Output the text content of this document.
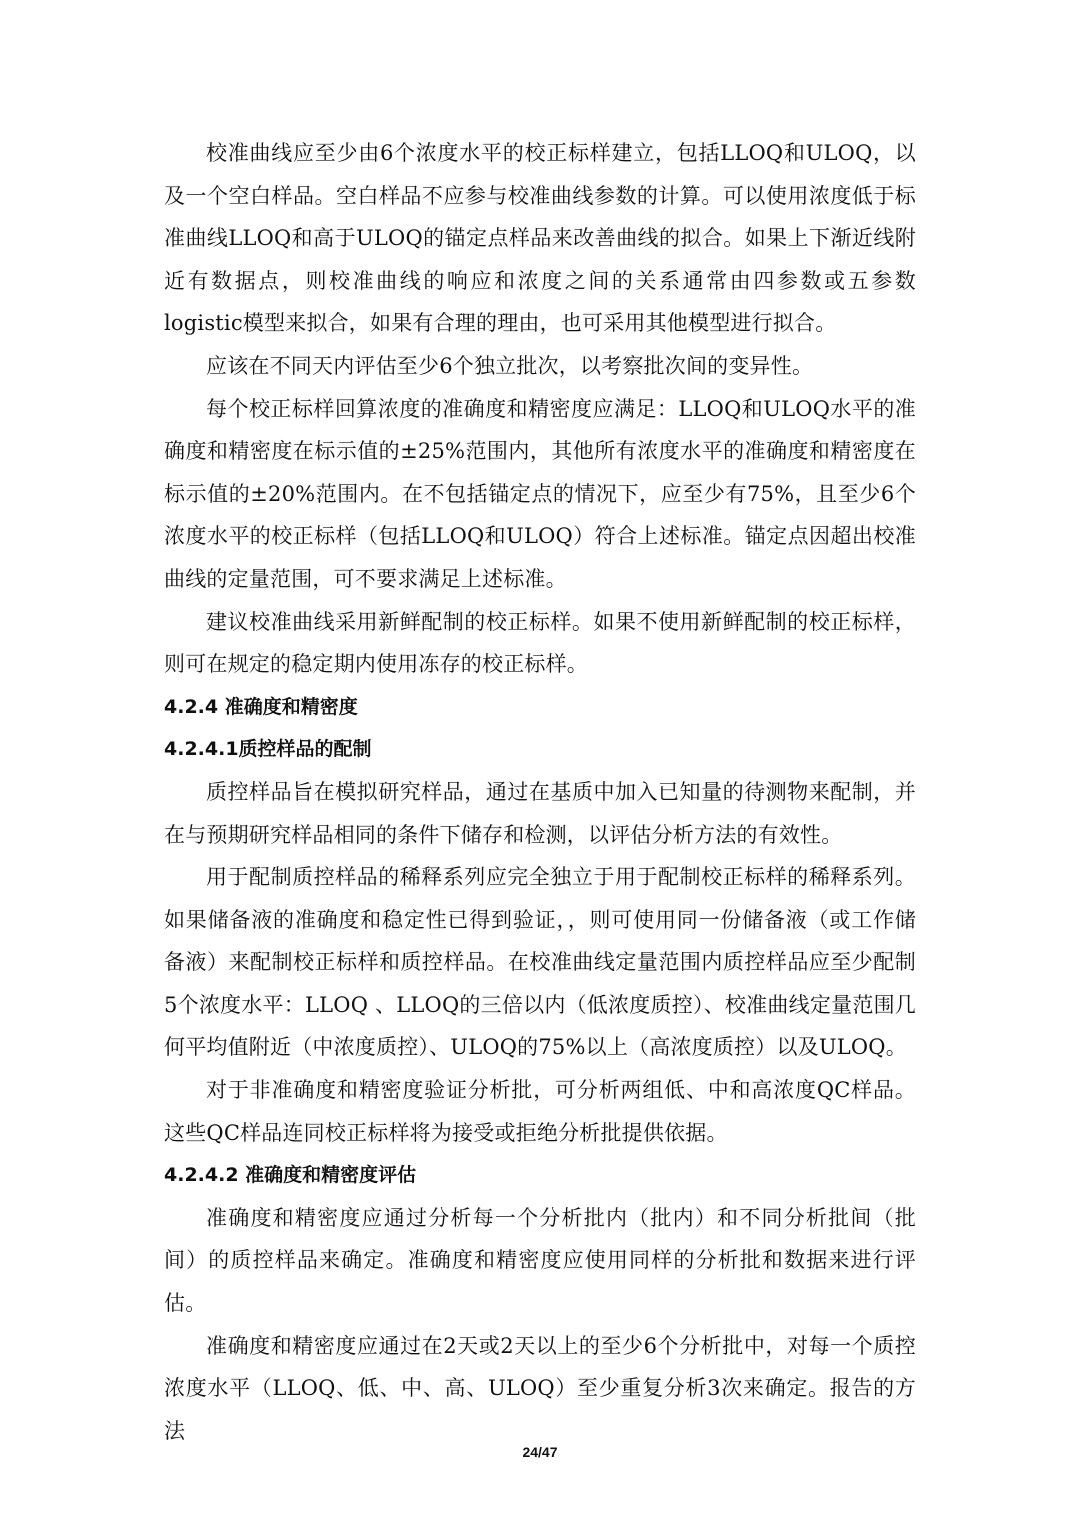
校准曲线应至少由6个浓度水平的校正标样建立，包括LLOQ和ULOQ，以及一个空白样品。空白样品不应参与校准曲线参数的计算。可以使用浓度低于标准曲线LLOQ和高于ULOQ的锚定点样品来改善曲线的拟合。如果上下渐近线附近有数据点，则校准曲线的响应和浓度之间的关系通常由四参数或五参数logistic模型来拟合，如果有合理的理由，也可采用其他模型进行拟合。

应该在不同天内评估至少6个独立批次，以考察批次间的变异性。

每个校正标样回算浓度的准确度和精密度应满足：LLOQ和ULOQ水平的准确度和精密度在标示值的±25%范围内，其他所有浓度水平的准确度和精密度在标示值的±20%范围内。在不包括锚定点的情况下，应至少有75%，且至少6个浓度水平的校正标样（包括LLOQ和ULOQ）符合上述标准。锚定点因超出校准曲线的定量范围，可不要求满足上述标准。

建议校准曲线采用新鲜配制的校正标样。如果不使用新鲜配制的校正标样，则可在规定的稳定期内使用冻存的校正标样。

4.2.4 准确度和精密度
4.2.4.1质控样品的配制

质控样品旨在模拟研究样品，通过在基质中加入已知量的待测物来配制，并在与预期研究样品相同的条件下储存和检测，以评估分析方法的有效性。

用于配制质控样品的稀释系列应完全独立于用于配制校正标样的稀释系列。如果储备液的准确度和稳定性已得到验证，，则可使用同一份储备液（或工作储备液）来配制校正标样和质控样品。在校准曲线定量范围内质控样品应至少配制5个浓度水平：LLOQ 、LLOQ的三倍以内（低浓度质控）、校准曲线定量范围几何平均值附近（中浓度质控）、ULOQ的75%以上（高浓度质控）以及ULOQ。

对于非准确度和精密度验证分析批，可分析两组低、中和高浓度QC样品。这些QC样品连同校正标样将为接受或拒绝分析批提供依据。

4.2.4.2 准确度和精密度评估

准确度和精密度应通过分析每一个分析批内（批内）和不同分析批间（批间）的质控样品来确定。准确度和精密度应使用同样的分析批和数据来进行评估。

准确度和精密度应通过在2天或2天以上的至少6个分析批中，对每一个质控浓度水平（LLOQ、低、中、高、ULOQ）至少重复分析3次来确定。报告的方法

24/47
